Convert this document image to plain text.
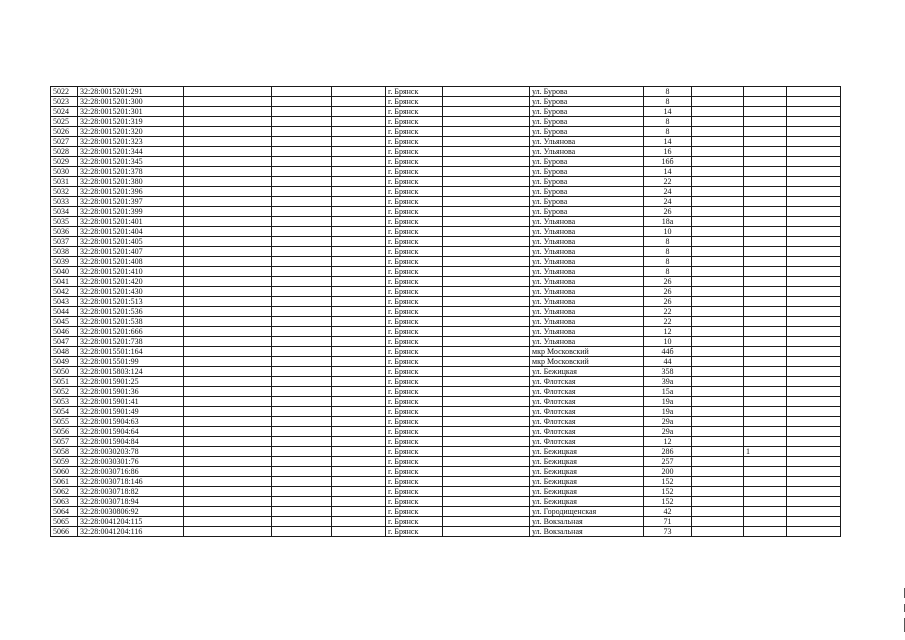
5022	32:28:0015201:291				г. Брянск		ул. Бурова	8			
5023	32:28:0015201:300				г. Брянск		ул. Бурова	8			
5024	32:28:0015201:301				г. Брянск		ул. Бурова	14			
5025	32:28:0015201:319				г. Брянск		ул. Бурова	8			
5026	32:28:0015201:320				г. Брянск		ул. Бурова	8			
5027	32:28:0015201:323				г. Брянск		ул. Ульянова	14			
5028	32:28:0015201:344				г. Брянск		ул. Ульянова	16			
5029	32:28:0015201:345				г. Брянск		ул. Бурова	16б			
5030	32:28:0015201:378				г. Брянск		ул. Бурова	14			
5031	32:28:0015201:380				г. Брянск		ул. Бурова	22			
5032	32:28:0015201:396				г. Брянск		ул. Бурова	24			
5033	32:28:0015201:397				г. Брянск		ул. Бурова	24			
5034	32:28:0015201:399				г. Брянск		ул. Бурова	26			
5035	32:28:0015201:401				г. Брянск		ул. Ульянова	18а			
5036	32:28:0015201:404				г. Брянск		ул. Ульянова	10			
5037	32:28:0015201:405				г. Брянск		ул. Ульянова	8			
5038	32:28:0015201:407				г. Брянск		ул. Ульянова	8			
5039	32:28:0015201:408				г. Брянск		ул. Ульянова	8			
5040	32:28:0015201:410				г. Брянск		ул. Ульянова	8			
5041	32:28:0015201:420				г. Брянск		ул. Ульянова	26			
5042	32:28:0015201:430				г. Брянск		ул. Ульянова	26			
5043	32:28:0015201:513				г. Брянск		ул. Ульянова	26			
5044	32:28:0015201:536				г. Брянск		ул. Ульянова	22			
5045	32:28:0015201:538				г. Брянск		ул. Ульянова	22			
5046	32:28:0015201:666				г. Брянск		ул. Ульянова	12			
5047	32:28:0015201:738				г. Брянск		ул. Ульянова	10			
5048	32:28:0015501:164				г. Брянск		мкр Московский	44б			
5049	32:28:0015501:99				г. Брянск		мкр Московский	44			
5050	32:28:0015803:124				г. Брянск		ул. Бежицкая	358			
5051	32:28:0015901:25				г. Брянск		ул. Флотская	39а			
5052	32:28:0015901:36				г. Брянск		ул. Флотская	15а			
5053	32:28:0015901:41				г. Брянск		ул. Флотская	19а			
5054	32:28:0015901:49				г. Брянск		ул. Флотская	19а			
5055	32:28:0015904:63				г. Брянск		ул. Флотская	29а			
5056	32:28:0015904:64				г. Брянск		ул. Флотская	29а			
5057	32:28:0015904:84				г. Брянск		ул. Флотская	12			
5058	32:28:0030203:78				г. Брянск		ул. Бежицкая	286		1	
5059	32:28:0030301:76				г. Брянск		ул. Бежицкая	257			
5060	32:28:0030716:86				г. Брянск		ул. Бежицкая	200			
5061	32:28:0030718:146				г. Брянск		ул. Бежицкая	152			
5062	32:28:0030718:82				г. Брянск		ул. Бежицкая	152			
5063	32:28:0030718:94				г. Брянск		ул. Бежицкая	152			
5064	32:28:0030806:92				г. Брянск		ул. Городищенская	42			
5065	32:28:0041204:115				г. Брянск		ул. Вокзальная	71			
5066	32:28:0041204:116				г. Брянск		ул. Вокзальная	73			
